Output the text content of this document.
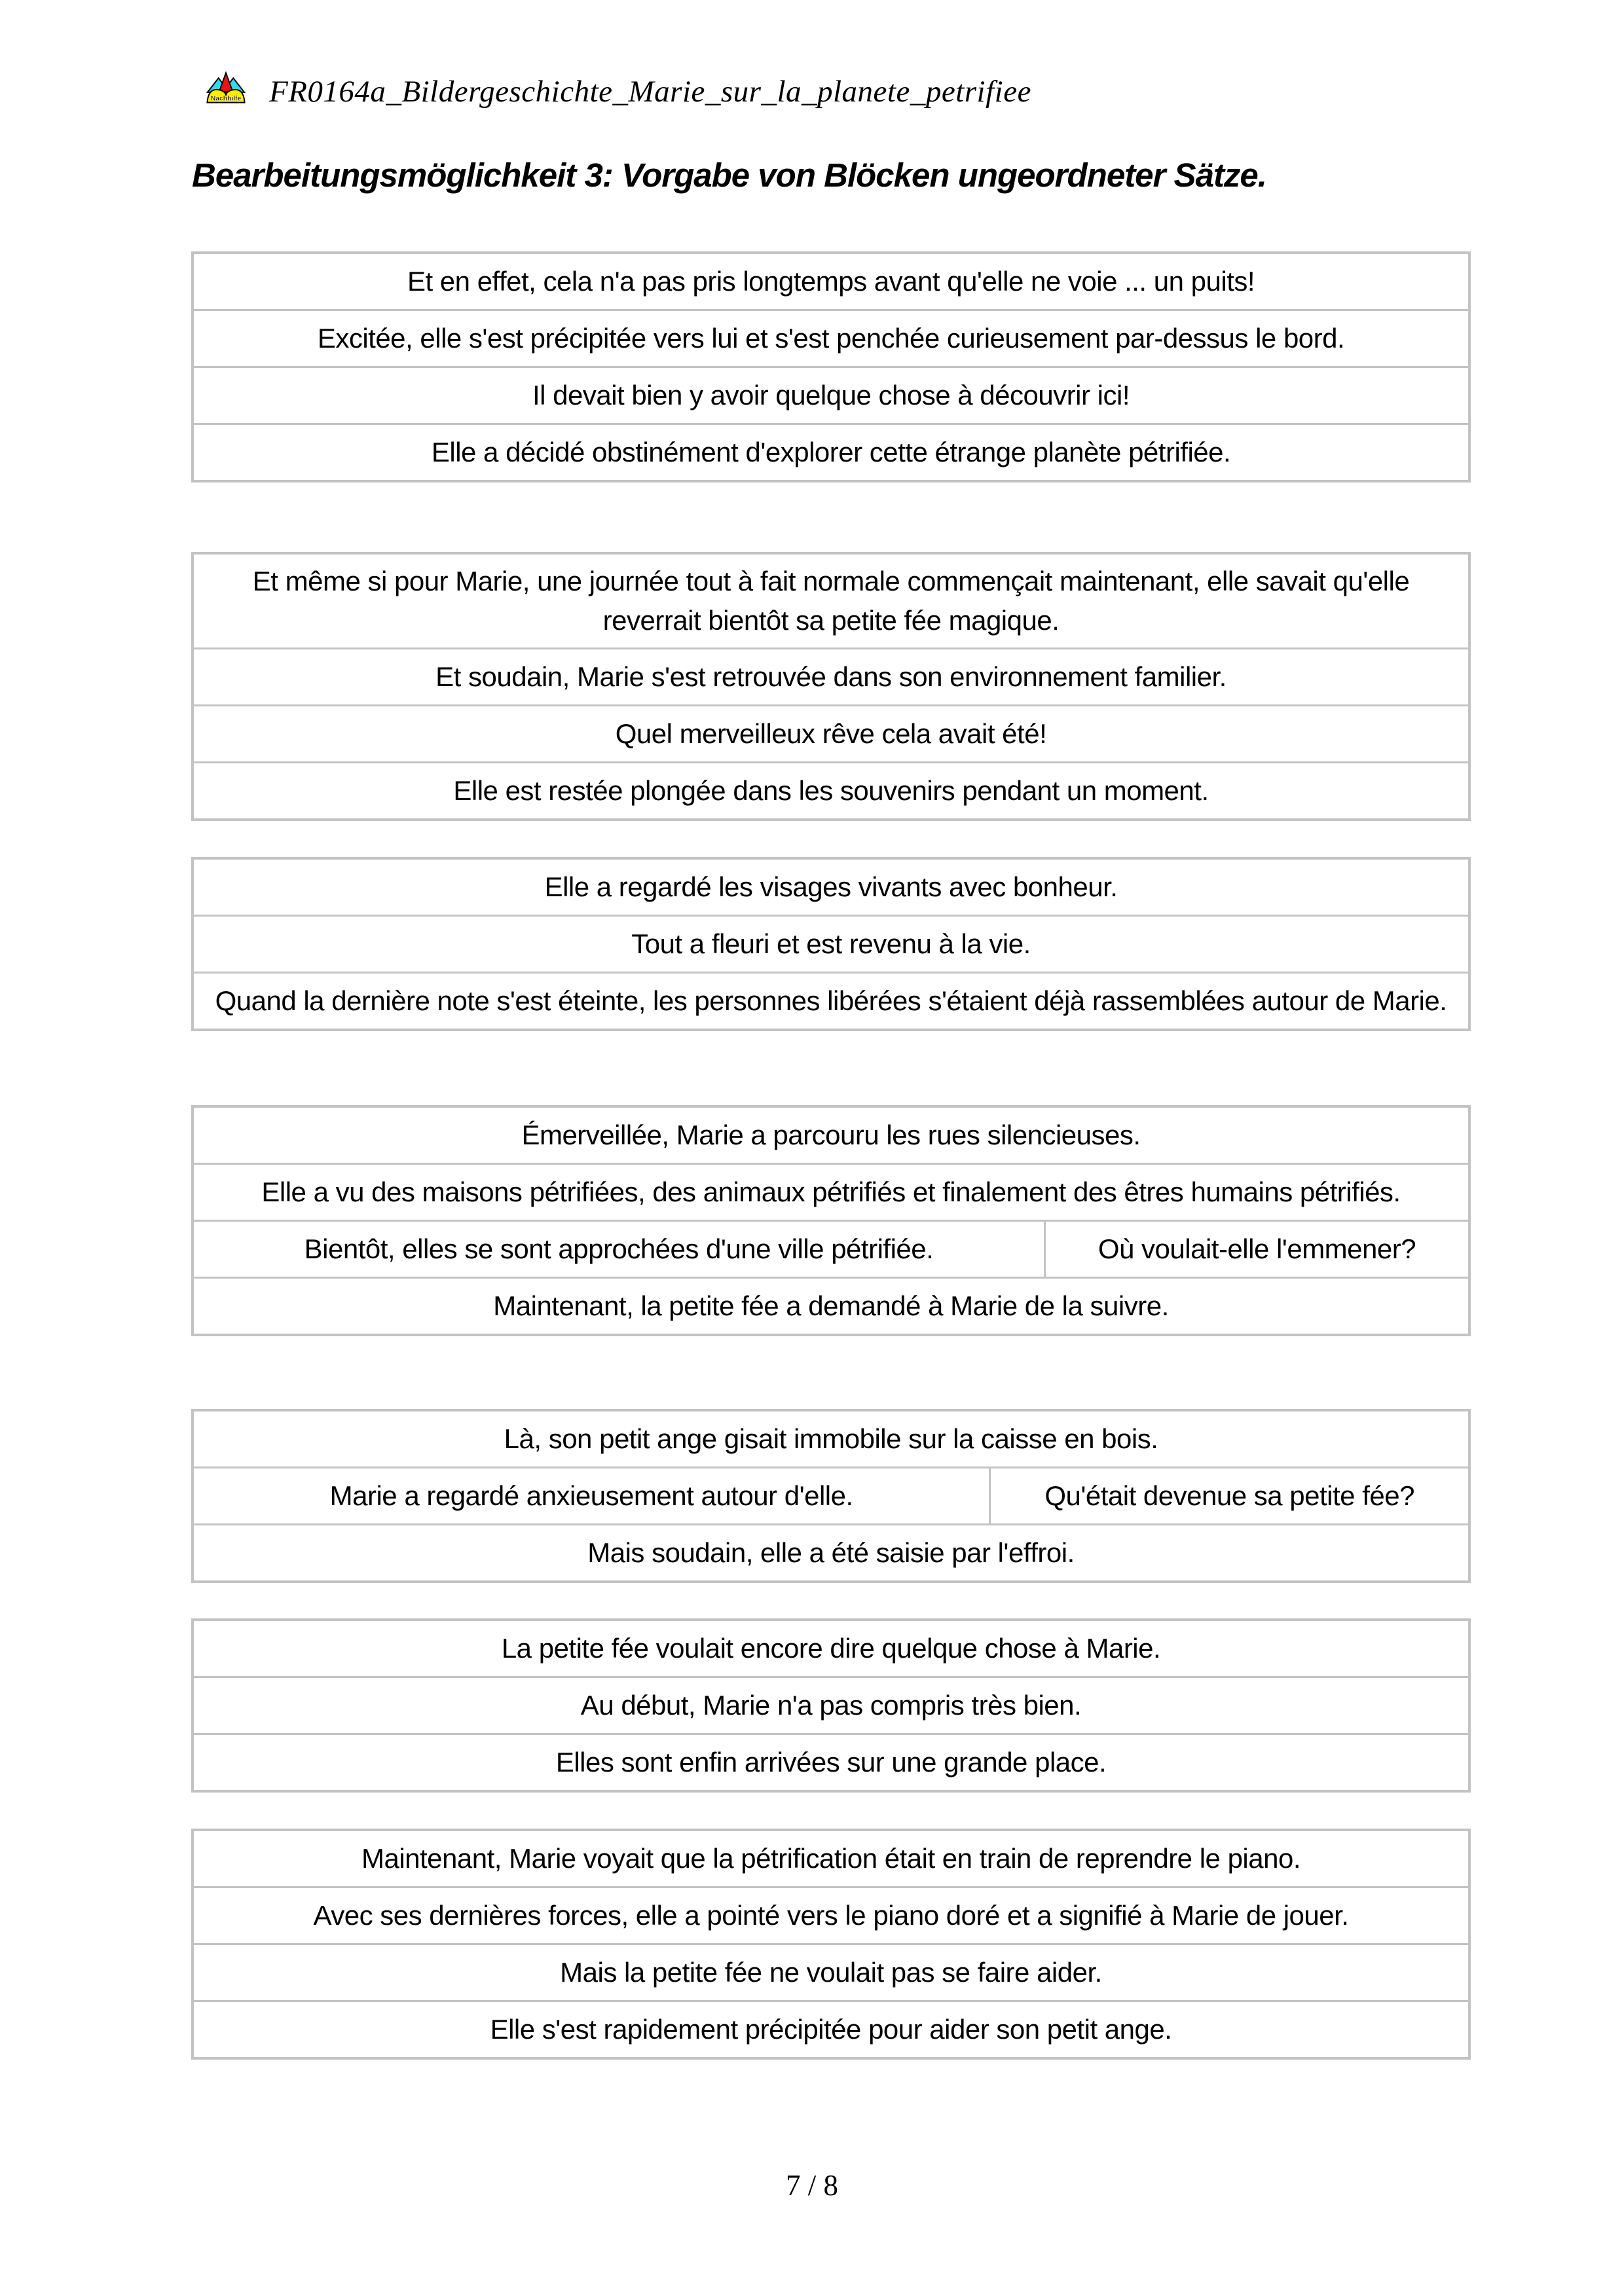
Nachhilfe FR0164a_Bildergeschichte_Marie_sur_la_planete_petrifiee
Bearbeitungsmöglichkeit 3: Vorgabe von Blöcken ungeordneter Sätze.
Et en effet, cela n'a pas pris longtemps avant qu'elle ne voie ... un puits!
Excitée, elle s'est précipitée vers lui et s'est penchée curieusement par-dessus le bord.
Il devait bien y avoir quelque chose à découvrir ici!
Elle a décidé obstinément d'explorer cette étrange planète pétrifiée.
Et même si pour Marie, une journée tout à fait normale commençait maintenant, elle savait qu'elle reverrait bientôt sa petite fée magique.
Et soudain, Marie s'est retrouvée dans son environnement familier.
Quel merveilleux rêve cela avait été!
Elle est restée plongée dans les souvenirs pendant un moment.
Elle a regardé les visages vivants avec bonheur.
Tout a fleuri et est revenu à la vie.
Quand la dernière note s'est éteinte, les personnes libérées s'étaient déjà rassemblées autour de Marie.
Émerveillée, Marie a parcouru les rues silencieuses.
Elle a vu des maisons pétrifiées, des animaux pétrifiés et finalement des êtres humains pétrifiés.
Bientôt, elles se sont approchées d'une ville pétrifiée.	Où voulait-elle l'emmener?
Maintenant, la petite fée a demandé à Marie de la suivre.
Là, son petit ange gisait immobile sur la caisse en bois.
Marie a regardé anxieusement autour d'elle.	Qu'était devenue sa petite fée?
Mais soudain, elle a été saisie par l'effroi.
La petite fée voulait encore dire quelque chose à Marie.
Au début, Marie n'a pas compris très bien.
Elles sont enfin arrivées sur une grande place.
Maintenant, Marie voyait que la pétrification était en train de reprendre le piano.
Avec ses dernières forces, elle a pointé vers le piano doré et a signifié à Marie de jouer.
Mais la petite fée ne voulait pas se faire aider.
Elle s'est rapidement précipitée pour aider son petit ange.
7 / 8
